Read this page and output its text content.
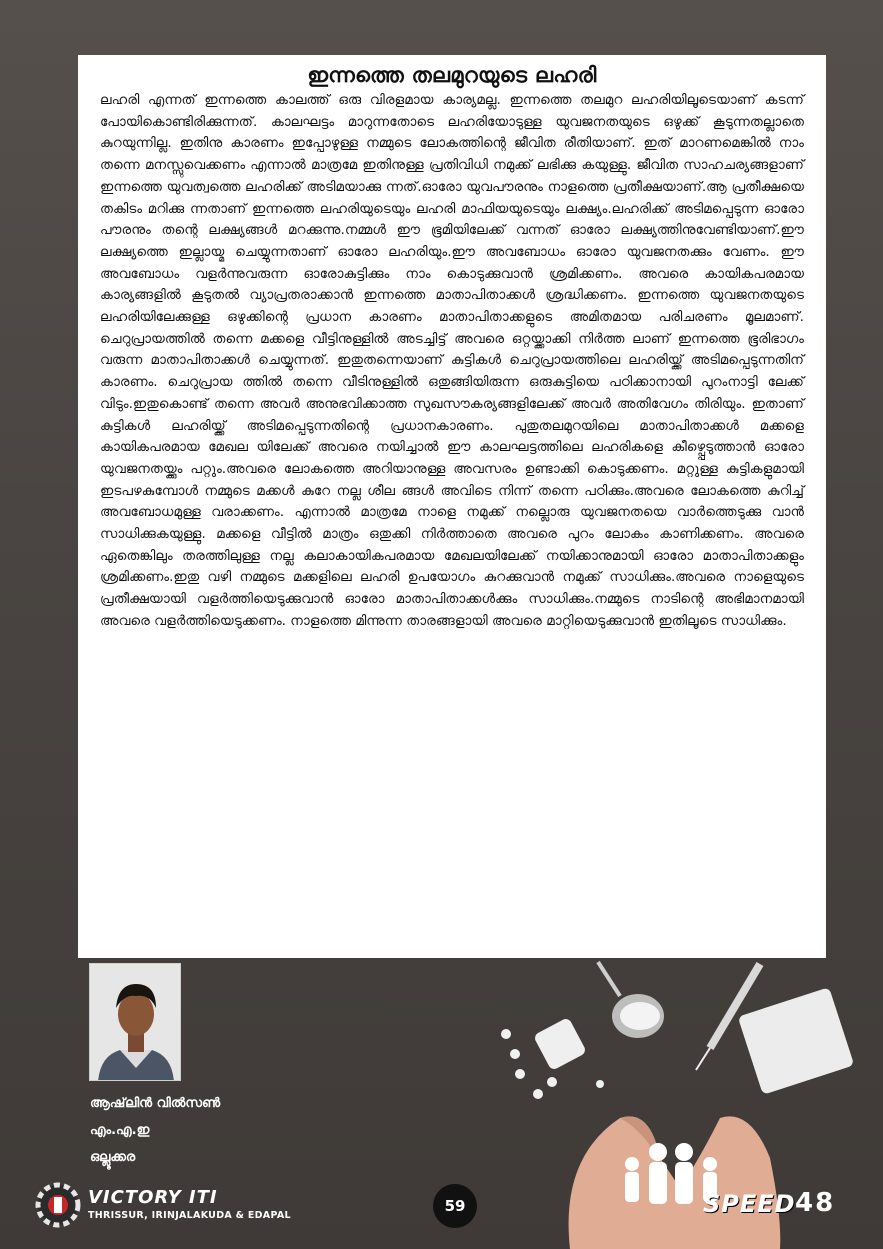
ഇന്നത്തെ തലമുറയുടെ ലഹരി

ലഹരി എന്നത് ഇന്നത്തെ കാലത്ത് ഒരു വിരളമായ കാര്യമല്ല. ഇന്നത്തെ തലമുറ ലഹരിയിലൂടെയാണ് കടന്ന് പോയികൊണ്ടിരിക്കുന്നത്. കാലഘട്ടം മാറുന്നതോടെ ലഹരിയോടുള്ള യുവജനതയുടെ ഒഴുക്ക് കൂടുന്നതല്ലാതെ കുറയുന്നില്ല. ഇതിനു കാരണം ഇപ്പോഴുള്ള നമ്മുടെ ലോകത്തിന്റെ ജീവിത രീതിയാണ്. ഇത് മാറണമെങ്കിൽ നാം തന്നെ മനസ്സുവെക്കണം എന്നാൽ മാത്രമേ ഇതിനുള്ള പ്രതിവിധി നമുക്ക് ലഭിക്കു കയുള്ളു. ജീവിത സാഹചര്യങ്ങളാണ് ഇന്നത്തെ യുവത്വത്തെ ലഹരിക്ക് അടിമയാക്കു ന്നത്.ഓരോ യുവപൗരനും നാളത്തെ പ്രതീക്ഷയാണ്.ആ പ്രതീക്ഷയെ തകിടം മറിക്കു ന്നതാണ് ഇന്നത്തെ ലഹരിയുടെയും ലഹരി മാഫിയയുടെയും ലക്ഷ്യം.ലഹരിക്ക് അടിമപ്പെടുന്ന ഓരോ പൗരനും തന്റെ ലക്ഷ്യങ്ങൾ മറക്കുന്നു.നമ്മൾ ഈ ഭൂമിയിലേക്ക് വന്നത് ഓരോ ലക്ഷ്യത്തിനുവേണ്ടിയാണ്.ഈ ലക്ഷ്യത്തെ ഇല്ലായ്മ ചെയ്യുന്നതാണ് ഓരോ ലഹരിയും.ഈ അവബോധം ഓരോ യുവജനതക്കും വേണം. ഈ അവബോധം വളർന്നുവരുന്ന ഓരോകുട്ടിക്കും നാം കൊടുക്കുവാൻ ശ്രമിക്കണം. അവരെ കായികപരമായ കാര്യങ്ങളിൽ കൂടുതൽ വ്യാപ്രതരാക്കാൻ ഇന്നത്തെ മാതാപിതാക്കൾ ശ്രദ്ധിക്കണം. ഇന്നത്തെ യുവജനതയുടെ ലഹരിയിലേക്കുള്ള ഒഴുക്കിന്റെ പ്രധാന കാരണം മാതാപിതാക്കളുടെ അമിതമായ പരിചരണം മൂലമാണ്. ചെറുപ്രായത്തിൽ തന്നെ മക്കളെ വീട്ടിനുള്ളിൽ അടച്ചിട്ട് അവരെ ഒറ്റയ്ക്കാക്കി നിർത്ത ലാണ് ഇന്നത്തെ ഭൂരിഭാഗം വരുന്ന മാതാപിതാക്കൾ ചെയ്യുന്നത്. ഇതുതന്നെയാണ് കുട്ടികൾ ചെറുപ്രായത്തിലെ ലഹരിയ്ക്ക് അടിമപ്പെടുന്നതിന് കാരണം. ചെറുപ്രായ ത്തിൽ തന്നെ വീടിനുള്ളിൽ ഒതുങ്ങിയിരുന്ന ഒരുകുട്ടിയെ പഠിക്കാനായി പുറംനാട്ടി ലേക്ക് വിടും.ഇതുകൊണ്ട് തന്നെ അവർ അനുഭവിക്കാത്ത സുഖസൗകര്യങ്ങളിലേക്ക് അവർ അതിവേഗം തിരിയും. ഇതാണ് കുട്ടികൾ ലഹരിയ്ക്ക് അടിമപ്പെടുന്നതിന്റെ പ്രധാനകാരണം. പുതുതലമുറയിലെ മാതാപിതാക്കൾ മക്കളെ കായികപരമായ മേഖല യിലേക്ക് അവരെ നയിച്ചാൽ ഈ കാലഘട്ടത്തിലെ ലഹരികളെ കീഴ്പ്പെടുത്താൻ ഓരോ യുവജനതയ്ക്കും പറ്റും.അവരെ ലോകത്തെ അറിയാനുള്ള അവസരം ഉണ്ടാക്കി കൊടുക്കണം. മറ്റുള്ള കുട്ടികളുമായി ഇടപഴകുമ്പോൾ നമ്മുടെ മക്കൾ കുറേ നല്ല ശീല ങ്ങൾ അവിടെ നിന്ന് തന്നെ പഠിക്കും.അവരെ ലോകത്തെ കുറിച്ച് അവബോധമുള്ള വരാക്കണം. എന്നാൽ മാത്രമേ നാളെ നമുക്ക് നല്ലൊരു യുവജനതയെ വാർത്തെടുക്കു വാൻ സാധിക്കുകയുള്ളു. മക്കളെ വീട്ടിൽ മാത്രം ഒതുക്കി നിർത്താതെ അവരെ പുറം ലോകം കാണിക്കണം. അവരെ ഏതെങ്കിലും തരത്തിലുള്ള നല്ല കലാകായികപരമായ മേഖലയിലേക്ക് നയിക്കാനുമായി ഓരോ മാതാപിതാക്കളും ശ്രമിക്കണം.ഇതു വഴി നമ്മുടെ മക്കളിലെ ലഹരി ഉപയോഗം കുറക്കുവാൻ നമുക്ക് സാധിക്കും.അവരെ നാളെയുടെ പ്രതീക്ഷയായി വളർത്തിയെടുക്കുവാൻ ഓരോ മാതാപിതാക്കൾക്കും സാധിക്കും.നമ്മുടെ നാടിന്റെ അഭിമാനമായി അവരെ വളർത്തിയെടുക്കണം. നാളത്തെ മിന്നുന്ന താരങ്ങളായി അവരെ മാറ്റിയെടുക്കുവാൻ ഇതിലൂടെ സാധിക്കും.

ആഷ്‌ലിൻ വിൽസൺ
എം.എ.ഇ
ഒല്ലൂക്കര
VICTORY ITI
THRISSUR, IRINJALAKUDA & EDAPAL
59	SPEED 48
